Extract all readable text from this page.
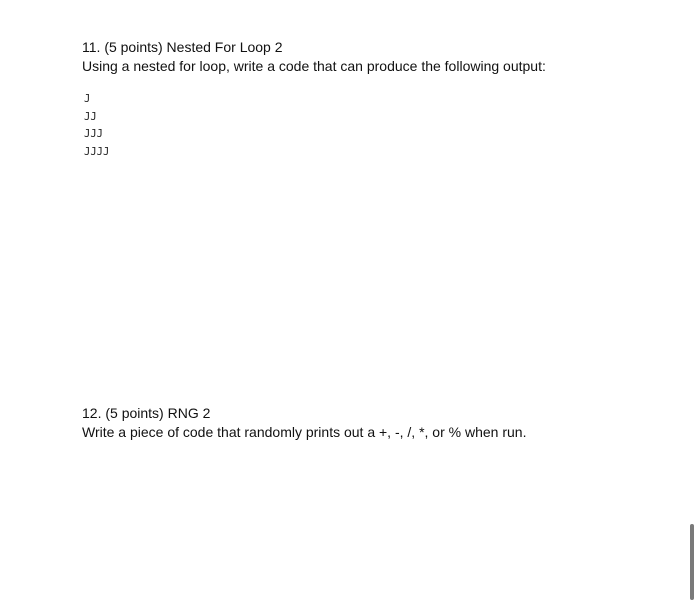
11. (5 points) Nested For Loop 2
Using a nested for loop, write a code that can produce the following output:
J
JJ
JJJ
JJJJ
12. (5 points) RNG 2
Write a piece of code that randomly prints out a +, -, /, *, or % when run.
